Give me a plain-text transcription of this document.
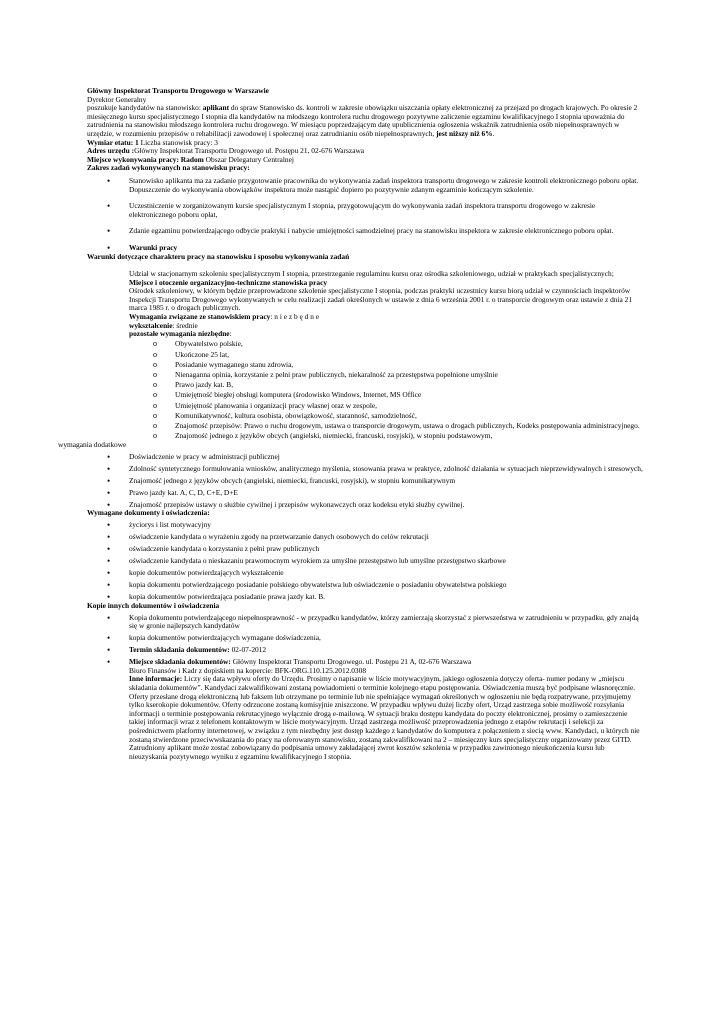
Główny Inspektorat Transportu Drogowego w Warszawie

Dyrektor Generalny

poszukuje kandydatów na stanowisko: aplikant do spraw Stanowisko ds. kontroli w zakresie obowiązku uiszczania opłaty elektronicznej za przejazd po drogach krajowych. Po okresie 2 miesięcznego kursu specjalistycznego I stopnia dla kandydatów na młodszego kontrolera ruchu drogowego pozytywne zaliczenie egzaminu kwalifikacyjnego I stopnia upoważnia do zatrudnienia na stanowisku młodszego kontrolera ruchu drogowego. W miesiącu poprzedzającym datę upublicznienia ogłoszenia wskaźnik zatrudnienia osób niepełnosprawnych w urzędzie, w rozumieniu przepisów o rehabilitacji zawodowej i społecznej oraz zatrudnianiu osób niepełnosprawnych, jest niższy niż 6%.

Wymiar etatu: 1 Liczba stanowisk pracy: 3

Adres urzędu :Główny Inspektorat Transportu Drogowego ul. Postępu 21, 02-676 Warszawa

Miejsce wykonywania pracy: Radom Obszar Delegatury Centralnej

Zakres zadań wykonywanych na stanowisku pracy:

•	Stanowisko aplikanta ma za zadanie przygotowanie pracownika do wykonywania zadań inspektora transportu drogowego w zakresie kontroli elektronicznego poboru opłat. Dopuszczenie do wykonywania obowiązków inspektora może nastąpić dopiero po pozytywnie zdanym egzaminie kończącym szkolenie.
•	Uczestniczenie w zorganizowanym kursie specjalistycznym I stopnia, przygotowującym do wykonywania zadań inspektora transportu drogowego w zakresie elektronicznego poboru opłat,
•	Zdanie egzaminu potwierdzającego odbycie praktyki i nabycie umiejętności samodzielnej pracy na stanowisku inspektora w zakresie elektronicznego poboru opłat.
•	Warunki pracy

Warunki dotyczące charakteru pracy na stanowisku i sposobu wykonywania zadań

Udział w stacjonarnym szkoleniu specjalistycznym I stopnia, przestrzeganie regulaminu kursu oraz ośrodka szkoleniowego, udział w praktykach specjalistycznych;

Miejsce i otoczenie organizacyjno-techniczne stanowiska pracy

Ośrodek szkoleniowy, w którym będzie przeprowadzone szkolenie specjalistyczne I stopnia, podczas praktyki uczestnicy kursu biorą udział w czynnościach inspektorów Inspekcji Transportu Drogowego wykonywanych w celu realizacji zadań określonych w ustawie z dnia 6 września 2001 r. o transporcie drogowym oraz ustawie z dnia 21 marca 1985 r. o drogach publicznych.

Wymagania związane ze stanowiskiem pracy: n i e z b ę d n e

wykształcenie: średnie

pozostałe wymagania niezbędne:

o Obywatelstwo polskie,
o Ukończone 25 lat,
o Posiadanie wymaganego stanu zdrowia,
o Nienaganna opinia, korzystanie z pełni praw publicznych, niekaralność za przestępstwa popełnione umyślnie
o Prawo jazdy kat. B,
o Umiejętność biegłej obsługi komputera (środowisko Windows, Internet, MS Office
o Umiejętność planowania i organizacji pracy własnej oraz w zespole,
o Komunikatywność, kultura osobista, obowiązkowość, staranność, samodzielność,
o Znajomość przepisów: Prawo o ruchu drogowym, ustawa o transporcie drogowym, ustawa o drogach publicznych, Kodeks postępowania administracyjnego.
o Znajomość jednego z języków obcych (angielski, niemiecki, francuski, rosyjski), w stopniu podstawowym,

wymagania dodatkowe

•	Doświadczenie w pracy w administracji publicznej
•	Zdolność syntetycznego formułowania wniosków, analitycznego myślenia, stosowania prawa w praktyce, zdolność działania w sytuacjach nieprzewidywalnych i stresowych,
•	Znajomość jednego z języków obcych (angielski, niemiecki, francuski, rosyjski), w stopniu komunikatywnym
•	Prawo jazdy kat. A, C, D, C+E, D+E
•	Znajomość przepisów ustawy o służbie cywilnej i przepisów wykonawczych oraz kodeksu etyki służby cywilnej.

Wymagane dokumenty i oświadczenia:

•	życiorys i list motywacyjny
•	oświadczenie kandydata o wyrażeniu zgody na przetwarzanie danych osobowych do celów rekrutacji
•	oświadczenie kandydata o korzystaniu z pełni praw publicznych
•	oświadczenie kandydata o nieskazaniu prawomocnym wyrokiem za umyślne przestępstwo lub umyślne przestępstwo skarbowe
•	kopie dokumentów potwierdzających wykształcenie
•	kopia dokumentu potwierdzającego posiadanie polskiego obywatelstwa lub oświadczenie o posiadaniu obywatelstwa polskiego
•	kopia dokumentów potwierdzająca posiadanie prawa jazdy kat. B.

Kopie innych dokumentów i oświadczenia

•	Kopia dokumentu potwierdzającego niepełnosprawność - w przypadku kandydatów, którzy zamierzają skorzystać z pierwszeństwa w zatrudnieniu w przypadku, gdy znajdą się w gronie najlepszych kandydatów
•	kopia dokumentów potwierdzających wymagane doświadczenia,
•	Termin składania dokumentów: 02-07-2012
•	Miejsce składania dokumentów: Główny Inspektorat Transportu Drogowego. ul. Postępu 21 A, 02-676 Warszawa

Biuro Finansów i Kadr z dopiskiem na kopercie: BFK-ORG.110.125.2012.0308

Inne informacje: Liczy się data wpływu oferty do Urzędu. Prosimy o napisanie w liście motywacyjnym, jakiego ogłoszenia dotyczy oferta- numer podany w „miejscu składania dokumentów”. Kandydaci zakwalifikowani zostaną powiadomieni o terminie kolejnego etapu postępowania. Oświadczenia muszą być podpisane własnoręcznie. Oferty przesłane drogą elektroniczną lub faksem lub otrzymane po terminie lub nie spełniające wymagań określonych w ogłoszeniu nie będą rozpatrywane, przyjmujemy tylko kserokopie dokumentów. Oferty odrzucone zostaną komisyjnie zniszczone. W przypadku wpływu dużej liczby ofert, Urząd zastrzega sobie możliwość rozsyłania informacji o terminie postępowania rekrutacyjnego wyłącznie drogą e-mailową. W sytuacji braku dostępu kandydata do poczty elektronicznej, prosimy o zamieszczenie takiej informacji wraz z telefonem kontaktowym w liście motywacyjnym. Urząd zastrzega możliwość przeprowadzenia jednego z etapów rekrutacji i selekcji za pośrednictwem platformy internetowej, w związku z tym niezbędny jest dostęp każdego z kandydatów do komputera z połączeniem z siecią www. Kandydaci, u których nie zostaną stwierdzone przeciwwskazania do pracy na oferowanym stanowisku, zostaną zakwalifikowani na 2 – miesięczny kurs specjalistyczny organizowany przez GITD.

Zatrudniony aplikant może zostać zobowiązany do podpisania umowy zakładającej zwrot kosztów szkolenia w przypadku zawinionego nieukończenia kursu lub nieuzyskania pozytywnego wyniku z egzaminu kwalifikacyjnego I stopnia.
